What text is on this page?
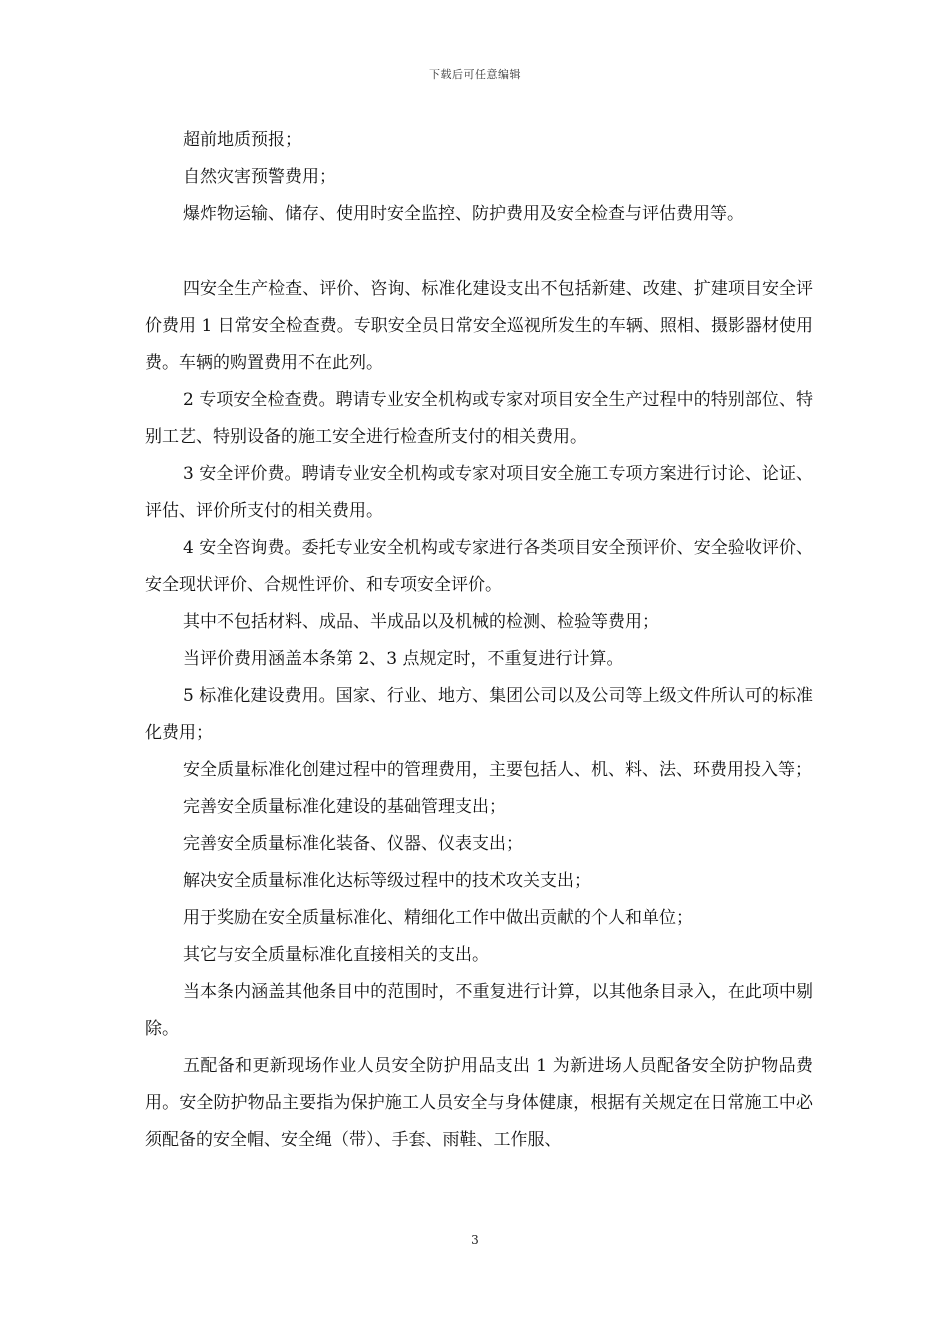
下载后可任意编辑

超前地质预报；

自然灾害预警费用；

爆炸物运输、储存、使用时安全监控、防护费用及安全检查与评估费用等。

四安全生产检查、评价、咨询、标准化建设支出不包括新建、改建、扩建项目安全评价费用 1 日常安全检查费。专职安全员日常安全巡视所发生的车辆、照相、摄影器材使用费。车辆的购置费用不在此列。

2 专项安全检查费。聘请专业安全机构或专家对项目安全生产过程中的特别部位、特别工艺、特别设备的施工安全进行检查所支付的相关费用。

3 安全评价费。聘请专业安全机构或专家对项目安全施工专项方案进行讨论、论证、评估、评价所支付的相关费用。

4 安全咨询费。委托专业安全机构或专家进行各类项目安全预评价、安全验收评价、安全现状评价、合规性评价、和专项安全评价。

其中不包括材料、成品、半成品以及机械的检测、检验等费用；

当评价费用涵盖本条第 2、3 点规定时，不重复进行计算。

5 标准化建设费用。国家、行业、地方、集团公司以及公司等上级文件所认可的标准化费用；

安全质量标准化创建过程中的管理费用，主要包括人、机、料、法、环费用投入等；

完善安全质量标准化建设的基础管理支出；

完善安全质量标准化装备、仪器、仪表支出；

解决安全质量标准化达标等级过程中的技术攻关支出；

用于奖励在安全质量标准化、精细化工作中做出贡献的个人和单位；

其它与安全质量标准化直接相关的支出。

当本条内涵盖其他条目中的范围时，不重复进行计算，以其他条目录入，在此项中剔除。

五配备和更新现场作业人员安全防护用品支出 1 为新进场人员配备安全防护物品费用。安全防护物品主要指为保护施工人员安全与身体健康，根据有关规定在日常施工中必须配备的安全帽、安全绳（带）、手套、雨鞋、工作服、

3
